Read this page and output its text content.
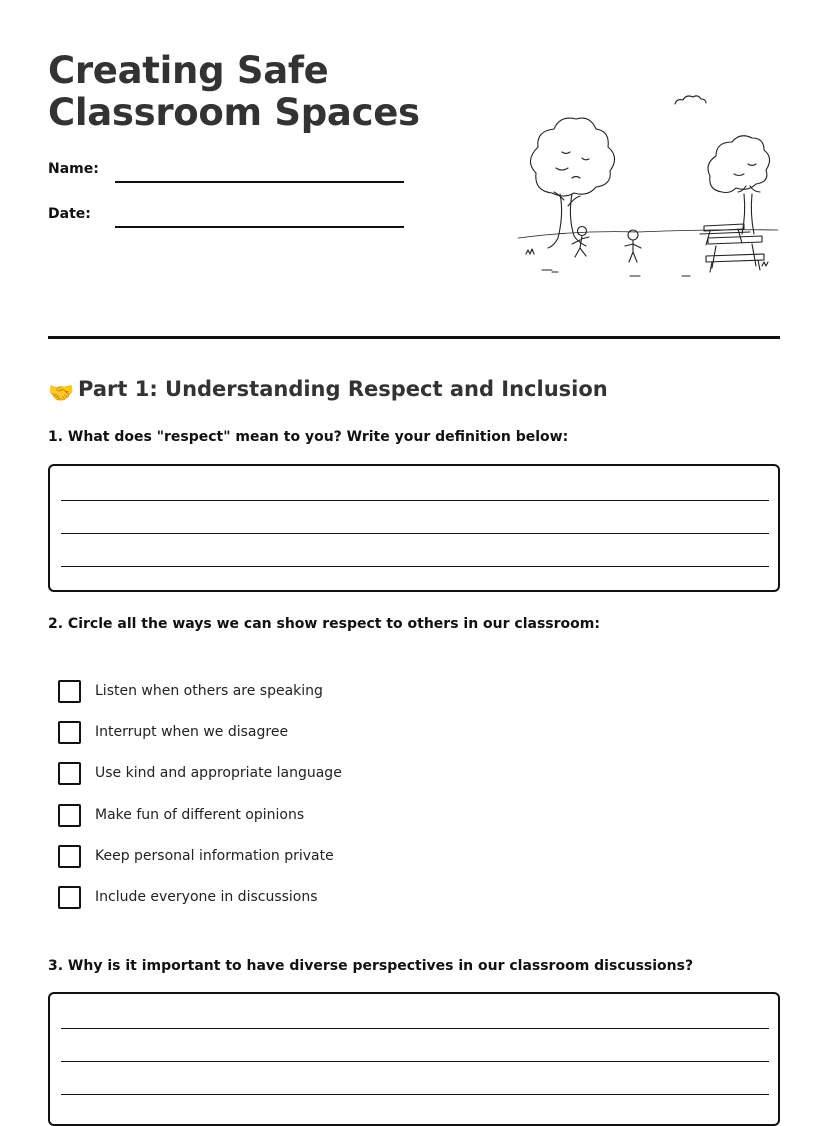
Creating Safe Classroom Spaces
Name:
Date:
🤝 Part 1: Understanding Respect and Inclusion

1. What does "respect" mean to you? Write your definition below:

2. Circle all the ways we can show respect to others in our classroom:

Listen when others are speaking
Interrupt when we disagree
Use kind and appropriate language
Make fun of different opinions
Keep personal information private
Include everyone in discussions

3. Why is it important to have diverse perspectives in our classroom discussions?
